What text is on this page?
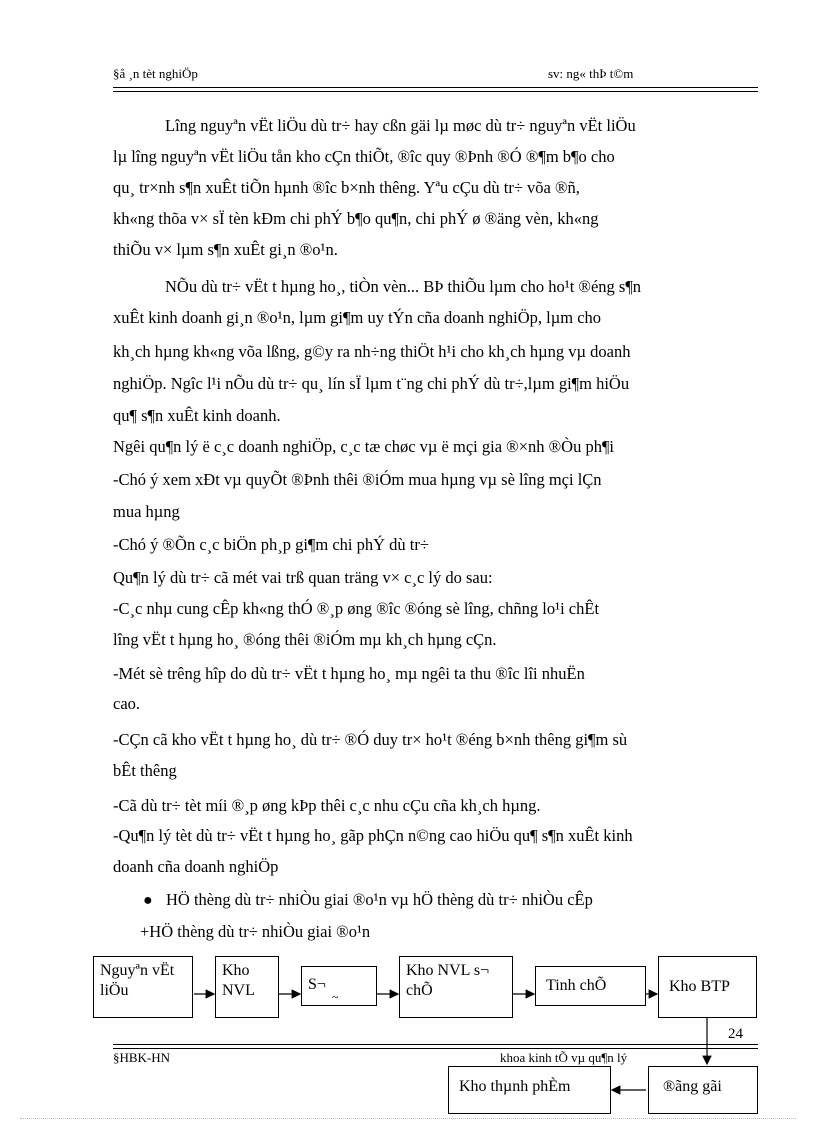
§å ¸n tèt nghiÖp	sv: ng« thÞ t©m
Lîng nguyªn vËt liÖu dù tr÷ hay cßn gäi lµ møc dù tr÷ nguyªn vËt liÖu
lµ lîng nguyªn vËt liÖu tån kho cÇn thiÕt, ®îc quy ®Þnh ®Ó ®¶m b¶o cho
qu¸ tr×nh s¶n xuÊt tiÕn hµnh ®îc b×nh thêng. Yªu cÇu dù tr÷ võa ®ñ,
kh«ng thõa v× sÏ tèn kÐm chi phÝ b¶o qu¶n, chi phÝ ø ®äng vèn, kh«ng
thiÕu v× lµm s¶n xuÊt gi¸n ®o¹n.
NÕu dù tr÷ vËt t hµng ho¸, tiÒn vèn... BÞ thiÕu lµm cho ho¹t ®éng s¶n
xuÊt kinh doanh gi¸n ®o¹n, lµm gi¶m uy tÝn cña doanh nghiÖp, lµm cho
kh¸ch hµng kh«ng võa lßng, g©y ra nh÷ng thiÖt h¹i cho kh¸ch hµng vµ doanh
nghiÖp. Ngîc l¹i nÕu dù tr÷ qu¸ lín sÏ lµm t¨ng chi phÝ dù tr÷,lµm gi¶m hiÖu
qu¶ s¶n xuÊt kinh doanh.
Ngêi qu¶n lý ë c¸c doanh nghiÖp, c¸c tæ chøc vµ ë mçi gia ®×nh ®Òu ph¶i
-Chó ý xem xÐt vµ quyÕt ®Þnh thêi ®iÓm mua hµng vµ sè lîng mçi lÇn
mua hµng
-Chó ý ®Õn c¸c biÖn ph¸p gi¶m chi phÝ dù tr÷
Qu¶n lý dù tr÷ cã mét vai trß quan träng v× c¸c lý do sau:
-C¸c nhµ cung cÊp kh«ng thÓ ®¸p øng ®îc ®óng sè lîng, chñng lo¹i chÊt
lîng vËt t hµng ho¸ ®óng thêi ®iÓm mµ kh¸ch hµng cÇn.
-Mét sè trêng hîp do dù tr÷ vËt t hµng ho¸ mµ ngêi ta thu ®îc lîi nhuËn
cao.
-CÇn cã kho vËt t hµng ho¸ dù tr÷ ®Ó duy tr× ho¹t ®éng b×nh thêng gi¶m sù
bÊt thêng
-Cã dù tr÷ tèt míi ®¸p øng kÞp thêi c¸c nhu cÇu cña kh¸ch hµng.
-Qu¶n lý tèt dù tr÷ vËt t hµng ho¸ gãp phÇn n©ng cao hiÖu qu¶ s¶n xuÊt kinh
doanh cña doanh nghiÖp
● HÖ thèng dù tr÷ nhiÒu giai ®o¹n vµ hÖ thèng dù tr÷ nhiÒu cÊp
+HÖ thèng dù tr÷ nhiÒu giai ®o¹n
Nguyªn vËt liÖu
Kho NVL	S¬
~
Kho NVL s¬ chÕ	Tinh chÕ	Kho BTP
24
§HBK-HN	khoa kinh tÕ vµ qu¶n lý
®ãng gãi
Kho thµnh phÈm
